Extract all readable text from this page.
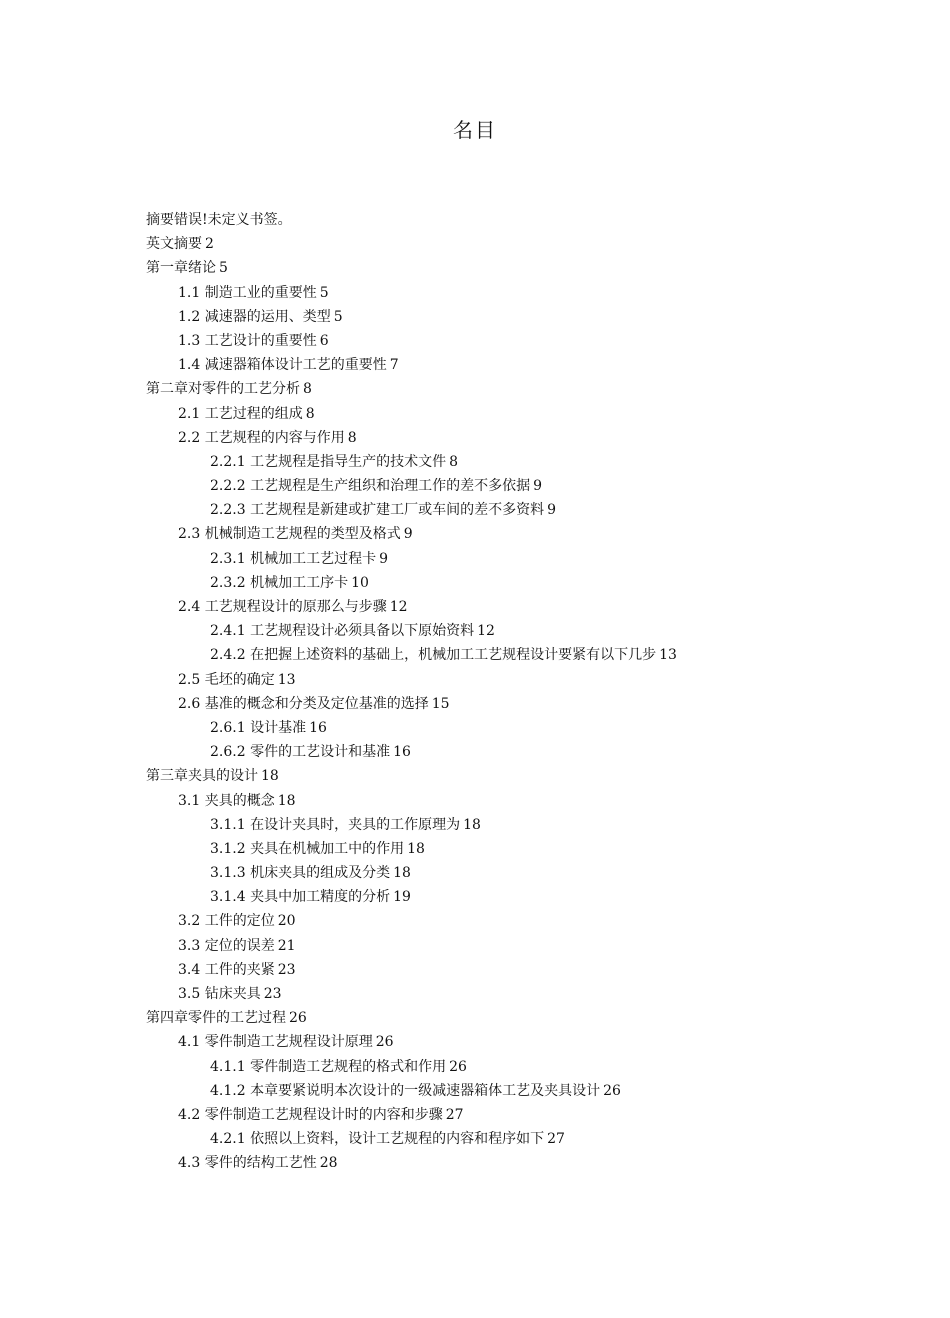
名目
摘要错误!未定义书签。
英文摘要 2
第一章绪论 5
1.1 制造工业的重要性 5
1.2 减速器的运用、类型 5
1.3 工艺设计的重要性 6
1.4 减速器箱体设计工艺的重要性 7
第二章对零件的工艺分析 8
2.1 工艺过程的组成 8
2.2 工艺规程的内容与作用 8
2.2.1 工艺规程是指导生产的技术文件 8
2.2.2 工艺规程是生产组织和治理工作的差不多依据 9
2.2.3 工艺规程是新建或扩建工厂或车间的差不多资料 9
2.3 机械制造工艺规程的类型及格式 9
2.3.1 机械加工工艺过程卡 9
2.3.2 机械加工工序卡 10
2.4 工艺规程设计的原那么与步骤 12
2.4.1 工艺规程设计必须具备以下原始资料 12
2.4.2 在把握上述资料的基础上，机械加工工艺规程设计要紧有以下几步 13
2.5 毛坯的确定 13
2.6 基准的概念和分类及定位基准的选择 15
2.6.1 设计基准 16
2.6.2 零件的工艺设计和基准 16
第三章夹具的设计 18
3.1 夹具的概念 18
3.1.1 在设计夹具时，夹具的工作原理为 18
3.1.2 夹具在机械加工中的作用 18
3.1.3 机床夹具的组成及分类 18
3.1.4 夹具中加工精度的分析 19
3.2 工件的定位 20
3.3 定位的误差 21
3.4 工件的夹紧 23
3.5 钻床夹具 23
第四章零件的工艺过程 26
4.1 零件制造工艺规程设计原理 26
4.1.1 零件制造工艺规程的格式和作用 26
4.1.2 本章要紧说明本次设计的一级减速器箱体工艺及夹具设计 26
4.2 零件制造工艺规程设计时的内容和步骤 27
4.2.1 依照以上资料，设计工艺规程的内容和程序如下 27
4.3 零件的结构工艺性 28
